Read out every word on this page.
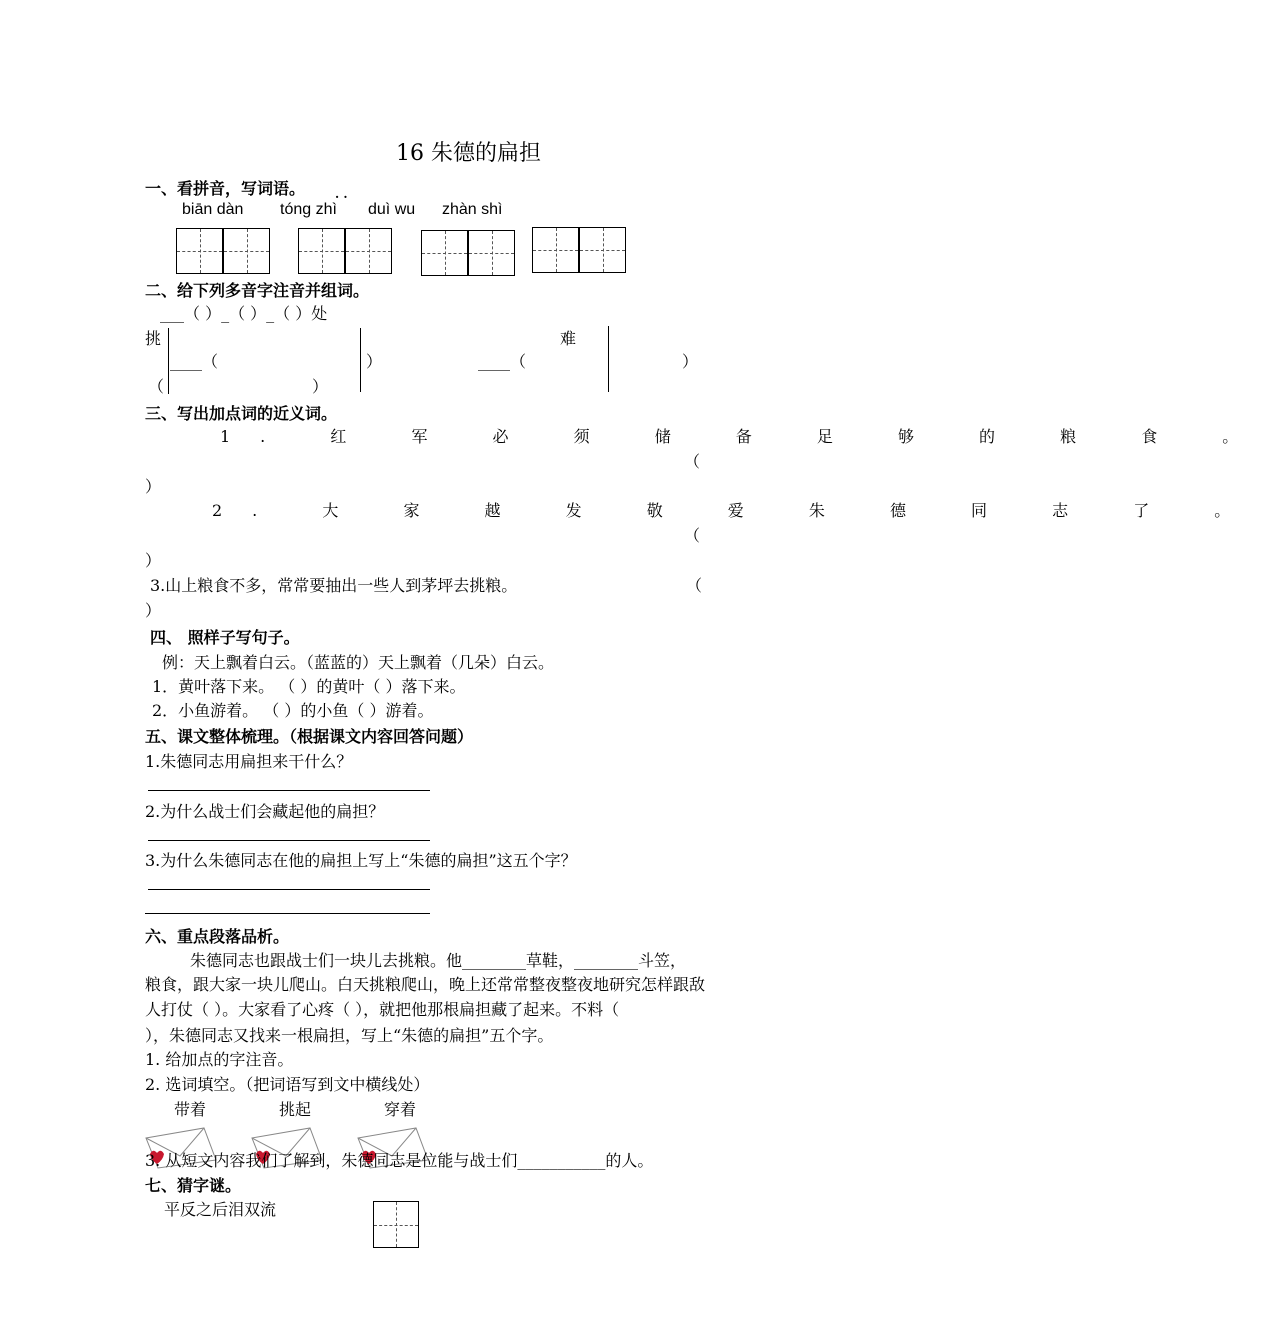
16 朱德的扁担
一、看拼音，写词语。 · ·
biān dàn tóng zhì duì wu zhàn shì
二、给下列多音字注音并组词。
___（ ）_（ ）_（ ）处
挑
____（
（	）
）
难
____（	）
三、写出加点词的近义词。
1. 红 军 必 须 储 备 足 够 的 粮 食 。
（
）
2. 大 家 越 发 敬 爱 朱 德 同 志 了 。
（
）
3.山上粮食不多，常常要抽出一些人到茅坪去挑粮。	（
）
四、 照样子写句子。
例：天上飘着白云。（蓝蓝的）天上飘着（几朵）白云。
1．黄叶落下来。 （ ）的黄叶（ ）落下来。
2．小鱼游着。 （ ）的小鱼（ ）游着。
五、课文整体梳理。（根据课文内容回答问题）
1.朱德同志用扁担来干什么？
2.为什么战士们会藏起他的扁担？
3.为什么朱德同志在他的扁担上写上“朱德的扁担”这五个字？
六、重点段落品析。
朱德同志也跟战士们一块儿去挑粮。他________草鞋，________斗笠，
粮食，跟大家一块儿爬山。白天挑粮爬山，晚上还常常整夜整夜地研究怎样跟敌
人打仗（ ）。大家看了心疼（ ），就把他那根扁担藏了起来。不料（
），朱德同志又找来一根扁担，写上“朱德的扁担”五个字。
1. 给加点的字注音。
2. 选词填空。（把词语写到文中横线处）
带着	挑起	穿着
3. 从短文内容我们了解到，朱德同志是位能与战士们___________的人。
七、猜字谜。
平反之后泪双流
